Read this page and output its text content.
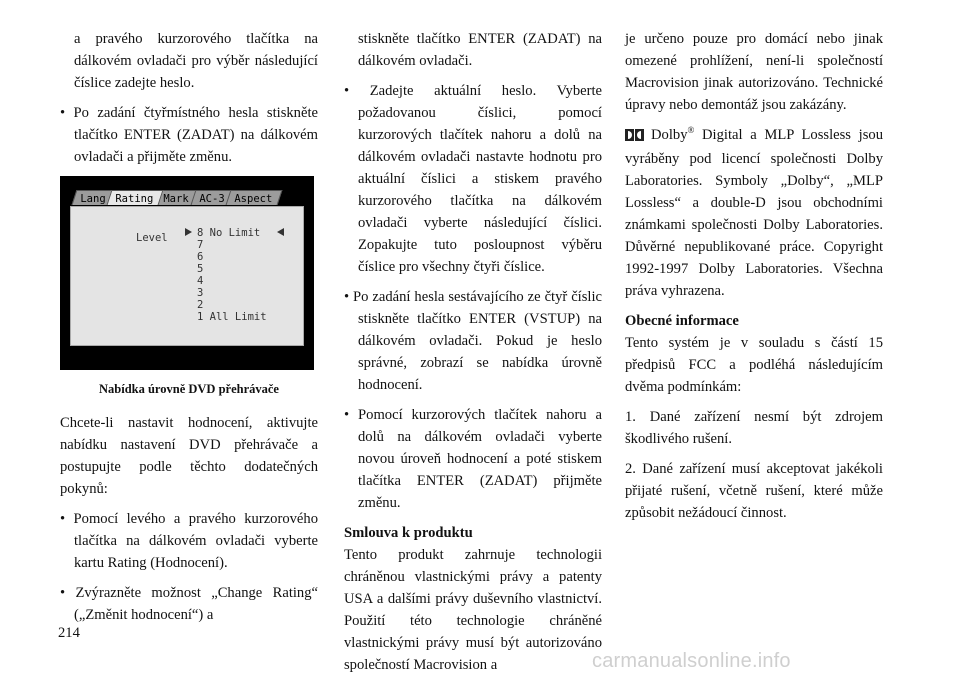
a pravého kurzorového tlačítka na dálkovém ovladači pro výběr následující číslice zadejte heslo.

• Po zadání čtyřmístného hesla stiskněte tlačítko ENTER (ZADAT) na dálkovém ovladači a přijměte změnu.

Lang Rating Mark AC-3 Aspect
Level	8 No Limit
7
6
5
4
3
2
1 All Limit

Nabídka úrovně DVD přehrávače

Chcete-li nastavit hodnocení, aktivujte nabídku nastavení DVD přehrávače a postupujte podle těchto dodatečných pokynů:

• Pomocí levého a pravého kurzorového tlačítka na dálkovém ovladači vyberte kartu Rating (Hodnocení).

• Zvýrazněte možnost „Change Rating“ („Změnit hodnocení“) a

stiskněte tlačítko ENTER (ZADAT) na dálkovém ovladači.

• Zadejte aktuální heslo. Vyberte požadovanou číslici, pomocí kurzorových tlačítek nahoru a dolů na dálkovém ovladači nastavte hodnotu pro aktuální číslici a stiskem pravého kurzorového tlačítka na dálkovém ovladači vyberte následující číslici. Zopakujte tuto posloupnost výběru číslice pro všechny čtyři číslice.

• Po zadání hesla sestávajícího ze čtyř číslic stiskněte tlačítko ENTER (VSTUP) na dálkovém ovladači. Pokud je heslo správné, zobrazí se nabídka úrovně hodnocení.

• Pomocí kurzorových tlačítek nahoru a dolů na dálkovém ovladači vyberte novou úroveň hodnocení a poté stiskem tlačítka ENTER (ZADAT) přijměte změnu.

Smlouva k produktu

Tento produkt zahrnuje technologii chráněnou vlastnickými právy a patenty USA a dalšími právy duševního vlastnictví. Použití této technologie chráněné vlastnickými právy musí být autorizováno společností Macrovision a

je určeno pouze pro domácí nebo jinak omezené prohlížení, není-li společností Macrovision jinak autorizováno. Technické úpravy nebo demontáž jsou zakázány.

Dolby® Digital a MLP Lossless jsou vyráběny pod licencí společnosti Dolby Laboratories. Symboly „Dolby“, „MLP Lossless“ a double-D jsou obchodními známkami společnosti Dolby Laboratories. Důvěrné nepublikované práce. Copyright 1992-1997 Dolby Laboratories. Všechna práva vyhrazena.

Obecné informace

Tento systém je v souladu s částí 15 předpisů FCC a podléhá následujícím dvěma podmínkám:

1. Dané zařízení nesmí být zdrojem škodlivého rušení.

2. Dané zařízení musí akceptovat jakékoli přijaté rušení, včetně rušení, které může způsobit nežádoucí činnost.

214
carmanualsonline.info
